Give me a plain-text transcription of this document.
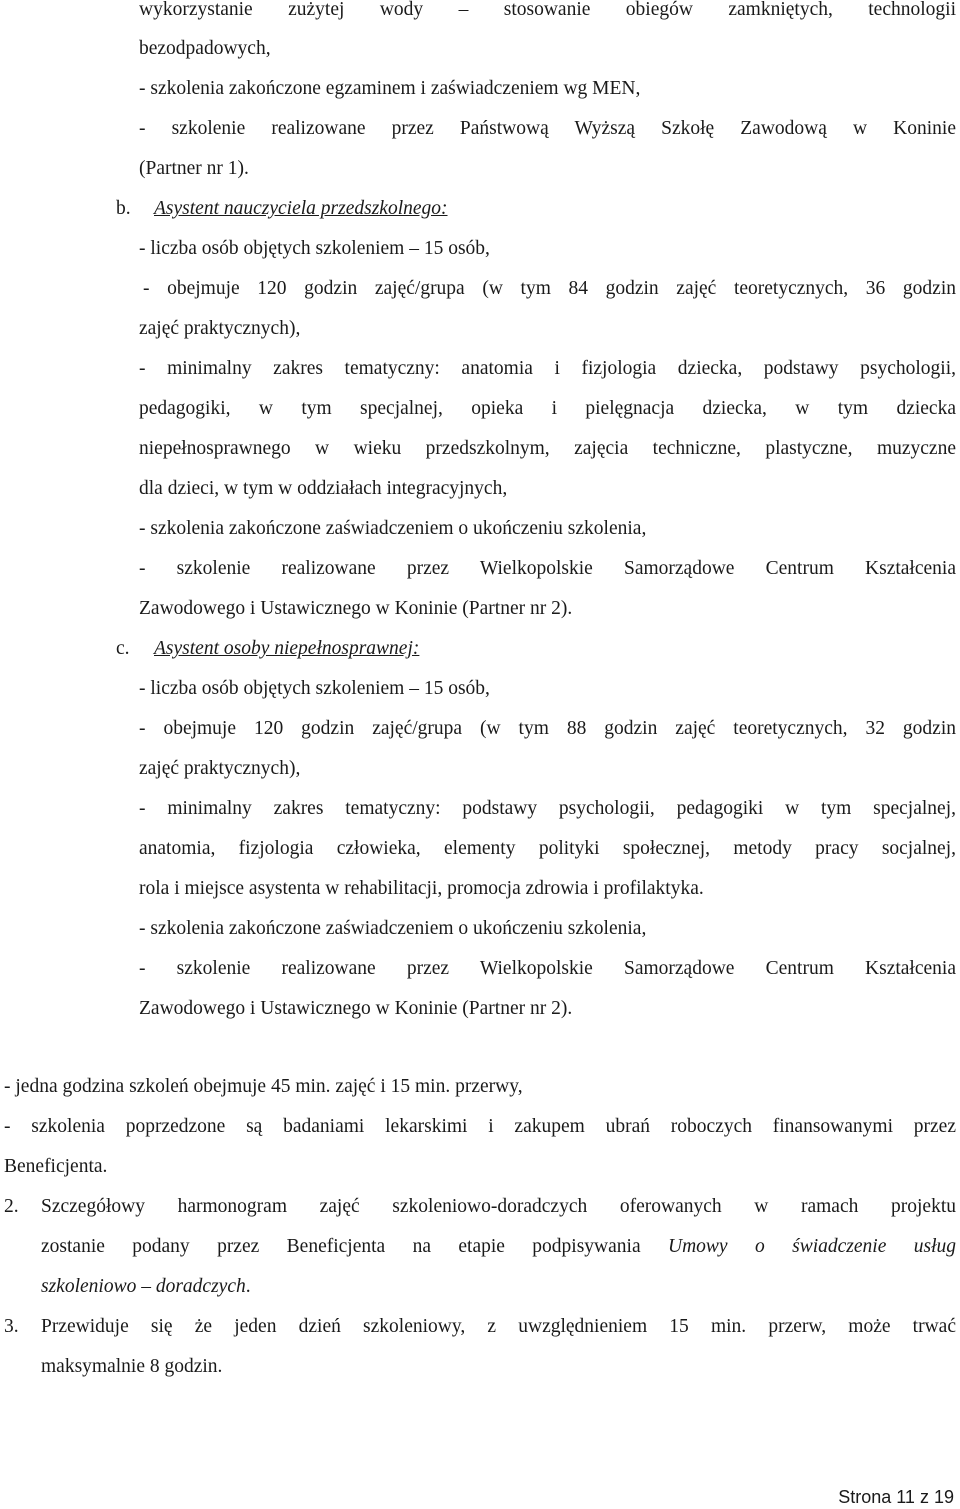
wykorzystanie zużytej wody – stosowanie obiegów zamkniętych, technologii
bezodpadowych,
- szkolenia zakończone egzaminem i zaświadczeniem wg MEN,
- szkolenie realizowane przez Państwową Wyższą Szkołę Zawodową w Koninie
(Partner nr 1).
b. Asystent nauczyciela przedszkolnego:
- liczba osób objętych szkoleniem – 15 osób,
- obejmuje 120 godzin zajęć/grupa (w tym 84 godzin zajęć teoretycznych, 36 godzin
zajęć praktycznych),
- minimalny zakres tematyczny: anatomia i fizjologia dziecka, podstawy psychologii,
pedagogiki, w tym specjalnej, opieka i pielęgnacja dziecka, w tym dziecka
niepełnosprawnego w wieku przedszkolnym, zajęcia techniczne, plastyczne, muzyczne
dla dzieci, w tym w oddziałach integracyjnych,
- szkolenia zakończone zaświadczeniem o ukończeniu szkolenia,
- szkolenie realizowane przez Wielkopolskie Samorządowe Centrum Kształcenia
Zawodowego i Ustawicznego w Koninie (Partner nr 2).
c. Asystent osoby niepełnosprawnej:
- liczba osób objętych szkoleniem – 15 osób,
- obejmuje 120 godzin zajęć/grupa (w tym 88 godzin zajęć teoretycznych, 32 godzin
zajęć praktycznych),
- minimalny zakres tematyczny: podstawy psychologii, pedagogiki w tym specjalnej,
anatomia, fizjologia człowieka, elementy polityki społecznej, metody pracy socjalnej,
rola i miejsce asystenta w rehabilitacji, promocja zdrowia i profilaktyka.
- szkolenia zakończone zaświadczeniem o ukończeniu szkolenia,
- szkolenie realizowane przez Wielkopolskie Samorządowe Centrum Kształcenia
Zawodowego i Ustawicznego w Koninie (Partner nr 2).
- jedna godzina szkoleń obejmuje 45 min. zajęć i 15 min. przerwy,
- szkolenia poprzedzone są badaniami lekarskimi i zakupem ubrań roboczych finansowanymi przez
Beneficjenta.
2. Szczegółowy harmonogram zajęć szkoleniowo-doradczych oferowanych w ramach projektu
zostanie podany przez Beneficjenta na etapie podpisywania Umowy o świadczenie usług
szkoleniowo – doradczych.
3. Przewiduje się że jeden dzień szkoleniowy, z uwzględnieniem 15 min. przerw, może trwać
maksymalnie 8 godzin.
Strona 11 z 19
